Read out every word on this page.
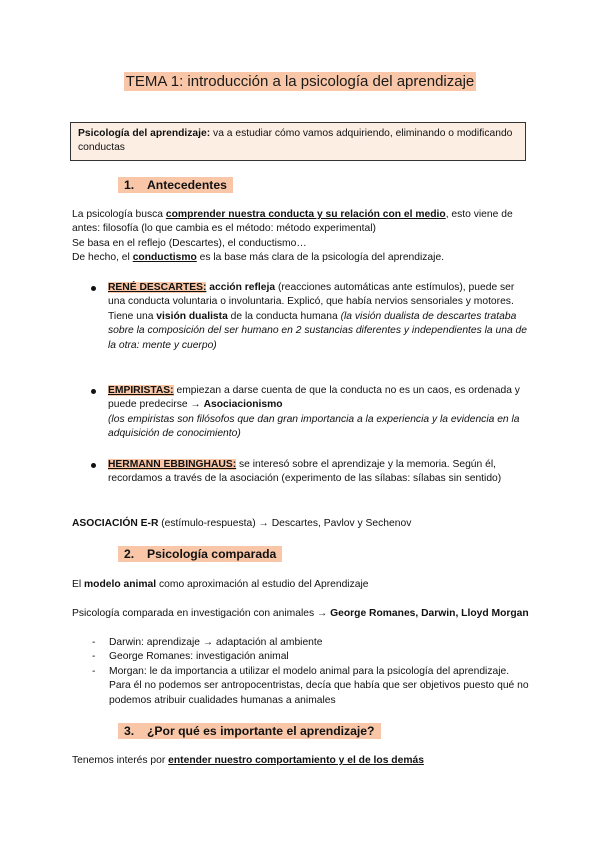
TEMA 1: introducción a la psicología del aprendizaje
Psicología del aprendizaje: va a estudiar cómo vamos adquiriendo, eliminando o modificando conductas
1. Antecedentes
La psicología busca comprender nuestra conducta y su relación con el medio, esto viene de antes: filosofía (lo que cambia es el método: método experimental)
Se basa en el reflejo (Descartes), el conductismo…
De hecho, el conductismo es la base más clara de la psicología del aprendizaje.
RENÉ DESCARTES: acción refleja (reacciones automáticas ante estímulos), puede ser una conducta voluntaria o involuntaria. Explicó, que había nervios sensoriales y motores.
Tiene una visión dualista de la conducta humana (la visión dualista de descartes trataba sobre la composición del ser humano en 2 sustancias diferentes y independientes la una de la otra: mente y cuerpo)
EMPIRISTAS: empiezan a darse cuenta de que la conducta no es un caos, es ordenada y puede predecirse → Asociacionismo
(los empiristas son filósofos que dan gran importancia a la experiencia y la evidencia en la adquisición de conocimiento)
HERMANN EBBINGHAUS: se interesó sobre el aprendizaje y la memoria. Según él, recordamos a través de la asociación (experimento de las sílabas: sílabas sin sentido)
ASOCIACIÓN E-R (estímulo-respuesta) → Descartes, Pavlov y Sechenov
2. Psicología comparada
El modelo animal como aproximación al estudio del Aprendizaje
Psicología comparada en investigación con animales → George Romanes, Darwin, Lloyd Morgan
- Darwin: aprendizaje → adaptación al ambiente
- George Romanes: investigación animal
- Morgan: le da importancia a utilizar el modelo animal para la psicología del aprendizaje. Para él no podemos ser antropocentristas, decía que había que ser objetivos puesto qué no podemos atribuir cualidades humanas a animales
3. ¿Por qué es importante el aprendizaje?
Tenemos interés por entender nuestro comportamiento y el de los demás
